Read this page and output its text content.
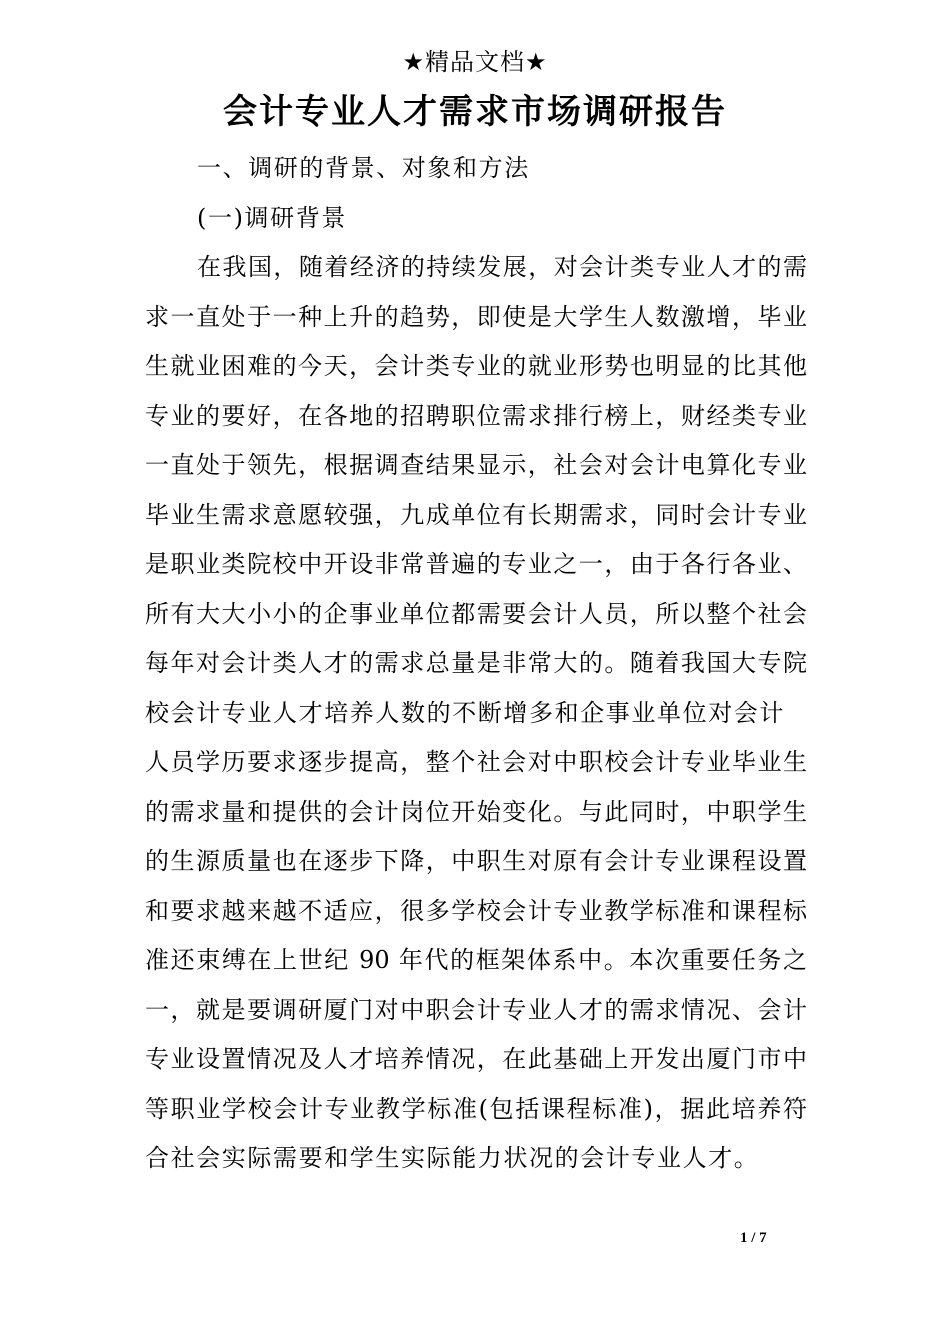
★精品文档★
会计专业人才需求市场调研报告
一、调研的背景、对象和方法
(一)调研背景
在我国，随着经济的持续发展，对会计类专业人才的需
求一直处于一种上升的趋势，即使是大学生人数激增，毕业
生就业困难的今天，会计类专业的就业形势也明显的比其他
专业的要好，在各地的招聘职位需求排行榜上，财经类专业
一直处于领先，根据调查结果显示，社会对会计电算化专业
毕业生需求意愿较强，九成单位有长期需求，同时会计专业
是职业类院校中开设非常普遍的专业之一，由于各行各业、
所有大大小小的企事业单位都需要会计人员，所以整个社会
每年对会计类人才的需求总量是非常大的。随着我国大专院
校会计专业人才培养人数的不断增多和企事业单位对会计
人员学历要求逐步提高，整个社会对中职校会计专业毕业生
的需求量和提供的会计岗位开始变化。与此同时，中职学生
的生源质量也在逐步下降，中职生对原有会计专业课程设置
和要求越来越不适应，很多学校会计专业教学标准和课程标
准还束缚在上世纪 90 年代的框架体系中。本次重要任务之
一，就是要调研厦门对中职会计专业人才的需求情况、会计
专业设置情况及人才培养情况，在此基础上开发出厦门市中
等职业学校会计专业教学标准(包括课程标准)，据此培养符
合社会实际需要和学生实际能力状况的会计专业人才。
1 / 7
